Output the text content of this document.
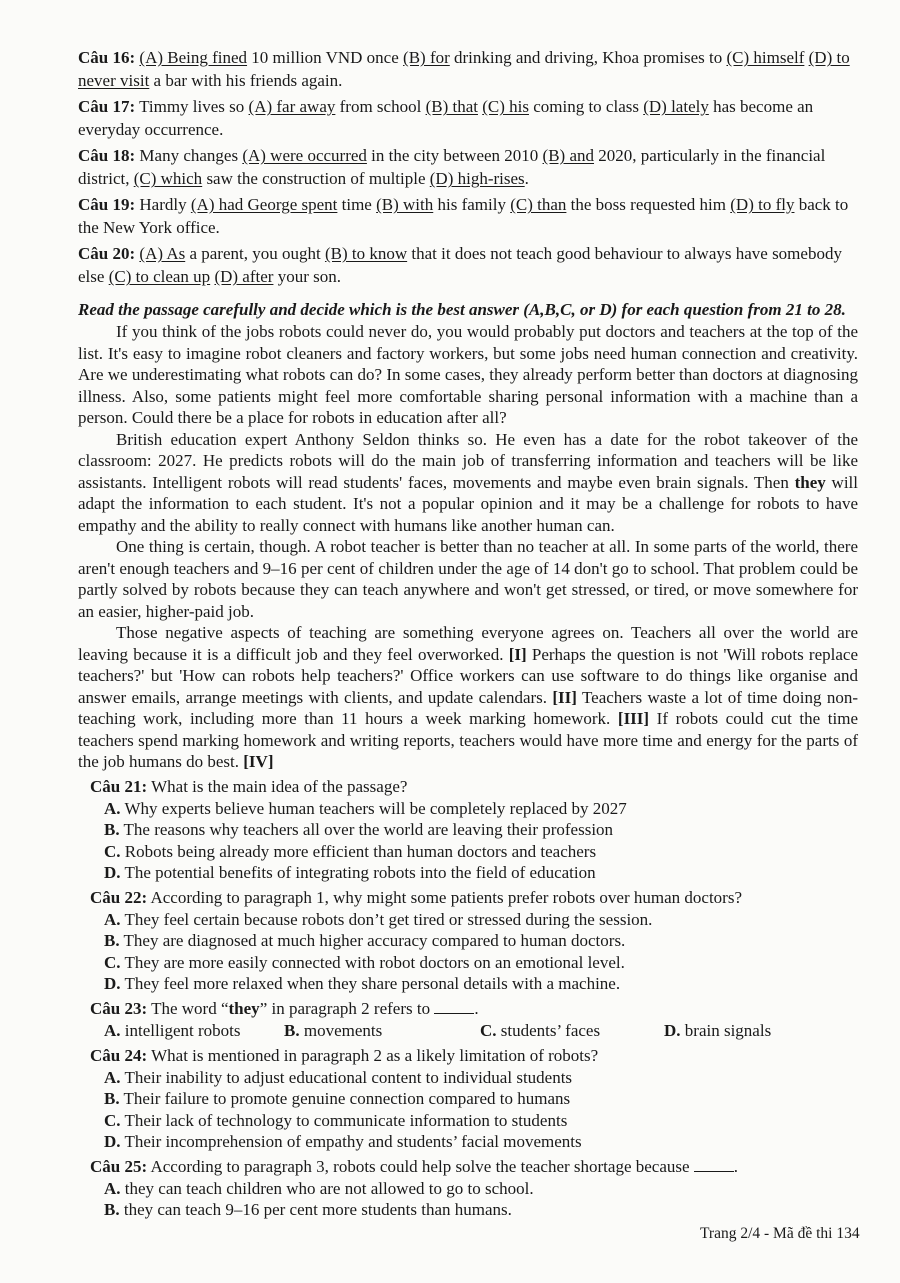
Câu 16: (A) Being fined 10 million VND once (B) for drinking and driving, Khoa promises to (C) himself (D) to never visit a bar with his friends again.
Câu 17: Timmy lives so (A) far away from school (B) that (C) his coming to class (D) lately has become an everyday occurrence.
Câu 18: Many changes (A) were occurred in the city between 2010 (B) and 2020, particularly in the financial district, (C) which saw the construction of multiple (D) high-rises.
Câu 19: Hardly (A) had George spent time (B) with his family (C) than the boss requested him (D) to fly back to the New York office.
Câu 20: (A) As a parent, you ought (B) to know that it does not teach good behaviour to always have somebody else (C) to clean up (D) after your son.
Read the passage carefully and decide which is the best answer (A,B,C, or D) for each question from 21 to 28.

If you think of the jobs robots could never do, you would probably put doctors and teachers at the top of the list. It's easy to imagine robot cleaners and factory workers, but some jobs need human connection and creativity. Are we underestimating what robots can do? In some cases, they already perform better than doctors at diagnosing illness. Also, some patients might feel more comfortable sharing personal information with a machine than a person. Could there be a place for robots in education after all?

British education expert Anthony Seldon thinks so. He even has a date for the robot takeover of the classroom: 2027. He predicts robots will do the main job of transferring information and teachers will be like assistants. Intelligent robots will read students' faces, movements and maybe even brain signals. Then they will adapt the information to each student. It's not a popular opinion and it may be a challenge for robots to have empathy and the ability to really connect with humans like another human can.

One thing is certain, though. A robot teacher is better than no teacher at all. In some parts of the world, there aren't enough teachers and 9–16 per cent of children under the age of 14 don't go to school. That problem could be partly solved by robots because they can teach anywhere and won't get stressed, or tired, or move somewhere for an easier, higher-paid job.

Those negative aspects of teaching are something everyone agrees on. Teachers all over the world are leaving because it is a difficult job and they feel overworked. [I] Perhaps the question is not 'Will robots replace teachers?' but 'How can robots help teachers?' Office workers can use software to do things like organise and answer emails, arrange meetings with clients, and update calendars. [II] Teachers waste a lot of time doing non-teaching work, including more than 11 hours a week marking homework. [III] If robots could cut the time teachers spend marking homework and writing reports, teachers would have more time and energy for the parts of the job humans do best. [IV]

Câu 21: What is the main idea of the passage?
A. Why experts believe human teachers will be completely replaced by 2027
B. The reasons why teachers all over the world are leaving their profession
C. Robots being already more efficient than human doctors and teachers
D. The potential benefits of integrating robots into the field of education
Câu 22: According to paragraph 1, why might some patients prefer robots over human doctors?
A. They feel certain because robots don’t get tired or stressed during the session.
B. They are diagnosed at much higher accuracy compared to human doctors.
C. They are more easily connected with robot doctors on an emotional level.
D. They feel more relaxed when they share personal details with a machine.
Câu 23: The word “they” in paragraph 2 refers to .
A. intelligent robots	B. movements	C. students’ faces	D. brain signals
Câu 24: What is mentioned in paragraph 2 as a likely limitation of robots?
A. Their inability to adjust educational content to individual students
B. Their failure to promote genuine connection compared to humans
C. Their lack of technology to communicate information to students
D. Their incomprehension of empathy and students’ facial movements
Câu 25: According to paragraph 3, robots could help solve the teacher shortage because .
A. they can teach children who are not allowed to go to school.
B. they can teach 9–16 per cent more students than humans.
Trang 2/4 - Mã đề thi 134
